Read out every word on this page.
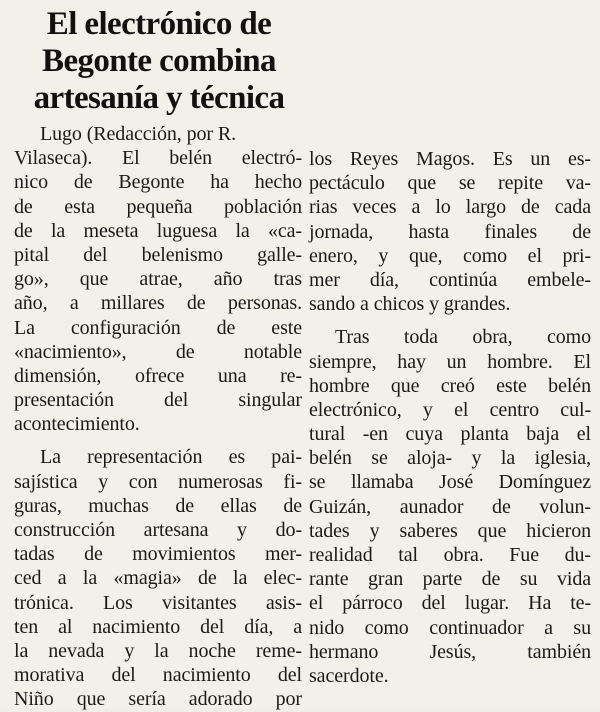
El electrónico de
Begonte combina
artesanía y técnica
Lugo (Redacción, por R.
Vilaseca). El belén electró-
nico de Begonte ha hecho
de esta pequeña población
de la meseta luguesa la «ca-
pital del belenismo galle-
go», que atrae, año tras
año, a millares de personas.
La configuración de este
«nacimiento», de notable
dimensión, ofrece una re-
presentación del singular
acontecimiento.
La representación es pai-
sajística y con numerosas fi-
guras, muchas de ellas de
construcción artesana y do-
tadas de movimientos mer-
ced a la «magia» de la elec-
trónica. Los visitantes asis-
ten al nacimiento del día, a
la nevada y la noche reme-
morativa del nacimiento del
Niño que sería adorado por
los Reyes Magos. Es un es-
pectáculo que se repite va-
rias veces a lo largo de cada
jornada, hasta finales de
enero, y que, como el pri-
mer día, continúa embele-
sando a chicos y grandes.
Tras toda obra, como
siempre, hay un hombre. El
hombre que creó este belén
electrónico, y el centro cul-
tural -en cuya planta baja el
belén se aloja- y la iglesia,
se llamaba José Domínguez
Guizán, aunador de volun-
tades y saberes que hicieron
realidad tal obra. Fue du-
rante gran parte de su vida
el párroco del lugar. Ha te-
nido como continuador a su
hermano Jesús, también
sacerdote.
